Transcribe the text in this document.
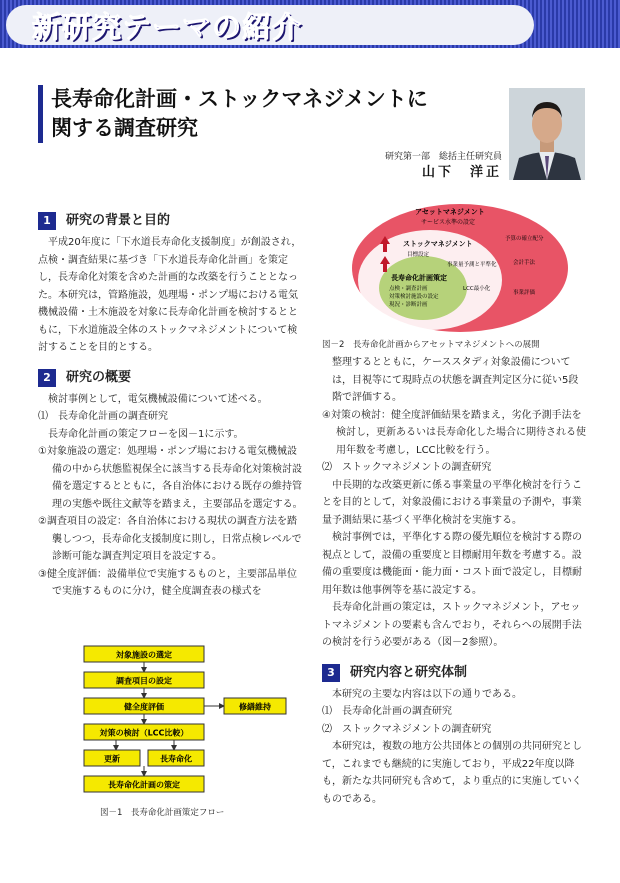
新研究テーマの紹介
長寿命化計画・ストックマネジメントに
関する調査研究
研究第一部　総括主任研究員
山下　洋正
1	研究の背景と目的

平成20年度に「下水道長寿命化支援制度」が創設され，点検・調査結果に基づき「下水道長寿命化計画」を策定し，長寿命化対策を含めた計画的な改築を行うこととなった。本研究は，管路施設，処理場・ポンプ場における電気機械設備・土木施設を対象に長寿命化計画を検討するとともに，下水道施設全体のストックマネジメントについて検討することを目的とする。

2	研究の概要

検討事例として，電気機械設備について述べる。

⑴　長寿命化計画の調査研究

長寿命化計画の策定フローを図－1に示す。

①対象施設の選定：処理場・ポンプ場における電気機械設備の中から状態監視保全に該当する長寿命化対策検討設備を選定するとともに，各自治体における既存の維持管理の実態や既往文献等を踏まえ，主要部品を選定する。

②調査項目の設定：各自治体における現状の調査方法を踏襲しつつ，長寿命化支援制度に則し，日常点検レベルで診断可能な調査判定項目を設定する。

③健全度評価：設備単位で実施するものと，主要部品単位で実施するものに分け，健全度調査表の様式を

対象施設の選定
調査項目の設定
健全度評価	修繕維持
対策の検討（LCC比較）
更新	長寿命化
長寿命化計画の策定
図－1　長寿命化計画策定フロー
アセットマネジメント
サービス水準の設定
ストックマネジメント
目標設定
事業量予測と平準化
長寿命化計画策定
点検・調査計画
対策検討施設の設定
現況・診断計画
LCC最小化
予算の確立配分
会計手法
事業評価
図－2　長寿命化計画からアセットマネジメントへの展開

整理するとともに，ケーススタディ対象設備については，目視等にて現時点の状態を調査判定区分に従い5段階で評価する。

④対策の検討：健全度評価結果を踏まえ，劣化予測手法を検討し，更新あるいは長寿命化した場合に期待される使用年数を考慮し，LCC比較を行う。

⑵　ストックマネジメントの調査研究

中長期的な改築更新に係る事業量の平準化検討を行うことを目的として，対象設備における事業量の予測や，事業量予測結果に基づく平準化検討を実施する。

検討事例では，平準化する際の優先順位を検討する際の視点として，設備の重要度と目標耐用年数を考慮する。設備の重要度は機能面・能力面・コスト面で設定し，目標耐用年数は他事例等を基に設定する。

長寿命化計画の策定は，ストックマネジメント，アセットマネジメントの要素も含んでおり，それらへの展開手法の検討を行う必要がある（図－2参照）。

3	研究内容と研究体制

本研究の主要な内容は以下の通りである。

⑴　長寿命化計画の調査研究

⑵　ストックマネジメントの調査研究

本研究は，複数の地方公共団体との個別の共同研究として，これまでも継続的に実施しており，平成22年度以降も，新たな共同研究も含めて，より重点的に実施していくものである。
